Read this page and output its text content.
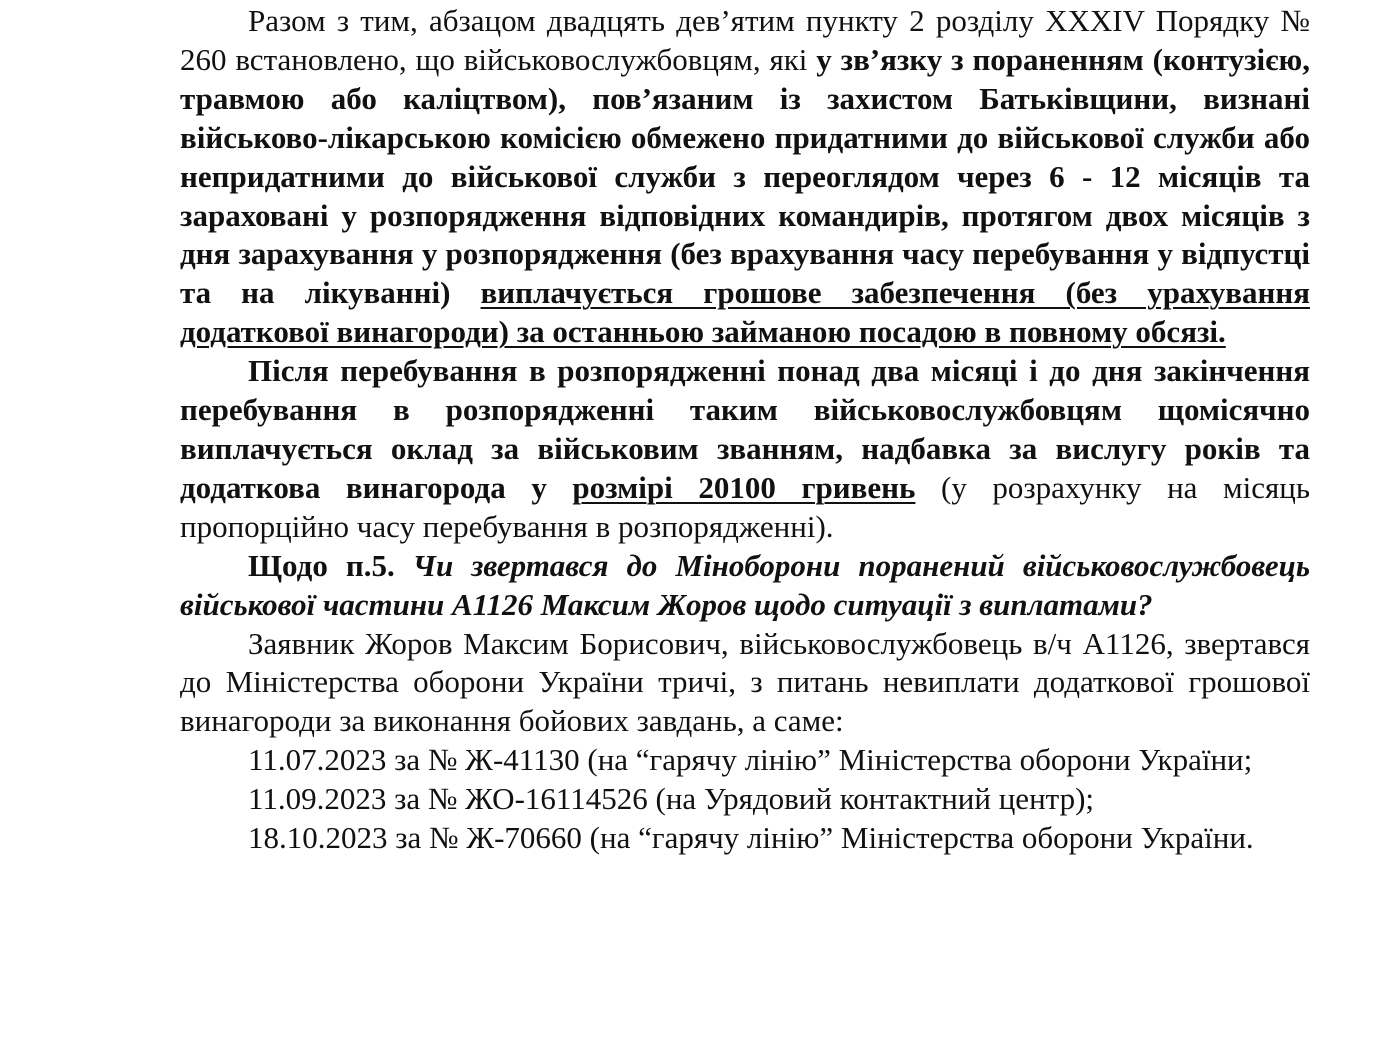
Разом з тим, абзацом двадцять дев’ятим пункту 2 розділу XXXIV Порядку № 260 встановлено, що військовослужбовцям, які у зв’язку з пораненням (контузією, травмою або каліцтвом), пов’язаним із захистом Батьківщини, визнані військово-лікарською комісією обмежено придатними до військової служби або непридатними до військової служби з переоглядом через 6 - 12 місяців та зараховані у розпорядження відповідних командирів, протягом двох місяців з дня зарахування у розпорядження (без врахування часу перебування у відпустці та на лікуванні) виплачується грошове забезпечення (без урахування додаткової винагороди) за останньою займаною посадою в повному обсязі.

Після перебування в розпорядженні понад два місяці і до дня закінчення перебування в розпорядженні таким військовослужбовцям щомісячно виплачується оклад за військовим званням, надбавка за вислугу років та додаткова винагорода у розмірі 20100 гривень (у розрахунку на місяць пропорційно часу перебування в розпорядженні).

Щодо п.5. Чи звертався до Міноборони поранений військовослужбовець військової частини А1126 Максим Жоров щодо ситуації з виплатами?

Заявник Жоров Максим Борисович, військовослужбовець в/ч А1126, звертався до Міністерства оборони України тричі, з питань невиплати додаткової грошової винагороди за виконання бойових завдань, а саме:

11.07.2023 за № Ж-41130 (на “гарячу лінію” Міністерства оборони України;

11.09.2023 за № ЖО-16114526 (на Урядовий контактний центр);

18.10.2023 за № Ж-70660 (на “гарячу лінію” Міністерства оборони України.
